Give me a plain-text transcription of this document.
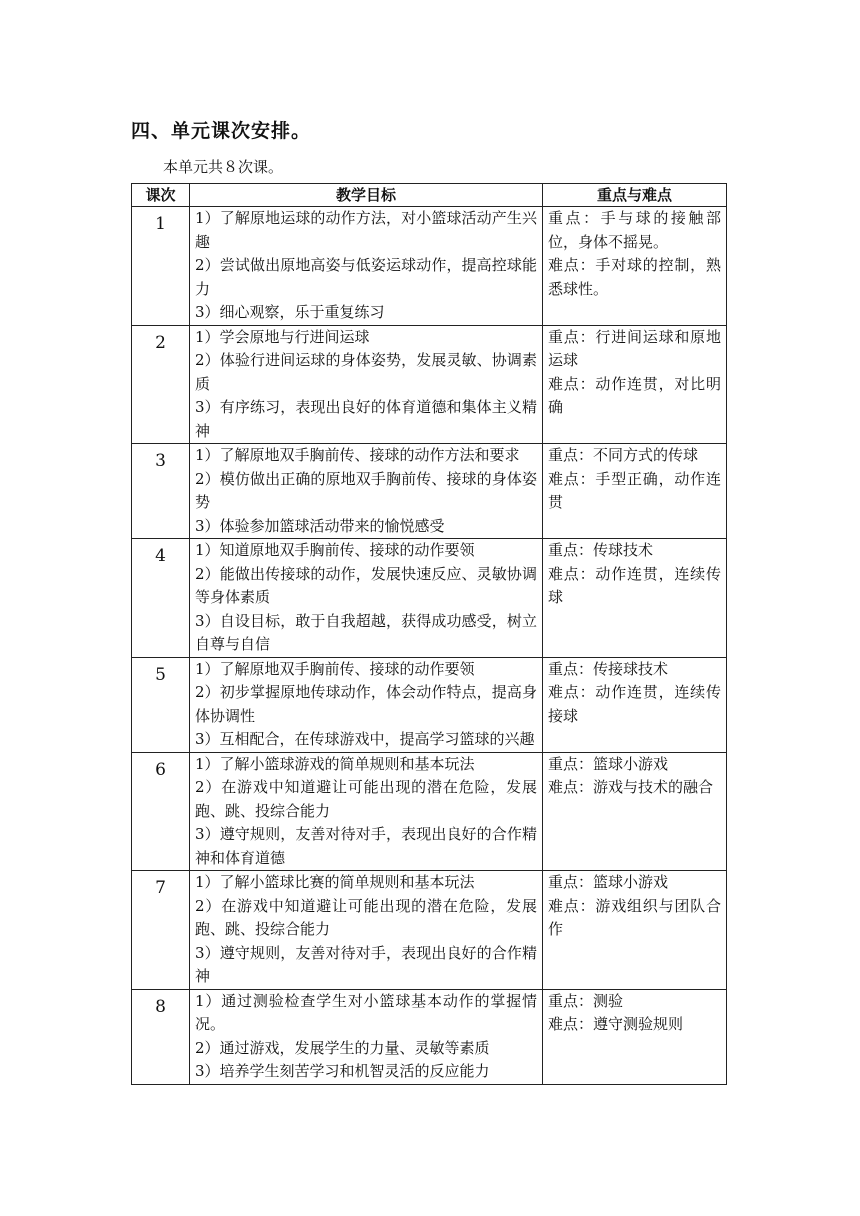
四、单元课次安排。
本单元共８次课。
课次	教学目标	重点与难点
1	1）了解原地运球的动作方法，对小篮球活动产生兴趣
2）尝试做出原地高姿与低姿运球动作，提高控球能力
3）细心观察，乐于重复练习	重点：手与球的接触部位，身体不摇晃。
难点：手对球的控制，熟悉球性。

2	1）学会原地与行进间运球
2）体验行进间运球的身体姿势，发展灵敏、协调素质
3）有序练习，表现出良好的体育道德和集体主义精神	重点：行进间运球和原地运球
难点：动作连贯，对比明确

3	1）了解原地双手胸前传、接球的动作方法和要求
2）模仿做出正确的原地双手胸前传、接球的身体姿势
3）体验参加篮球活动带来的愉悦感受	重点：不同方式的传球
难点：手型正确，动作连贯

4	1）知道原地双手胸前传、接球的动作要领
2）能做出传接球的动作，发展快速反应、灵敏协调等身体素质
3）自设目标，敢于自我超越，获得成功感受，树立自尊与自信	重点：传球技术
难点：动作连贯，连续传球

5	1）了解原地双手胸前传、接球的动作要领
2）初步掌握原地传球动作，体会动作特点，提高身体协调性
3）互相配合，在传球游戏中，提高学习篮球的兴趣	重点：传接球技术
难点：动作连贯，连续传接球

6	1）了解小篮球游戏的简单规则和基本玩法
2）在游戏中知道避让可能出现的潜在危险，发展跑、跳、投综合能力
3）遵守规则，友善对待对手，表现出良好的合作精神和体育道德	重点：篮球小游戏
难点：游戏与技术的融合

7	1）了解小篮球比赛的简单规则和基本玩法
2）在游戏中知道避让可能出现的潜在危险，发展跑、跳、投综合能力
3）遵守规则，友善对待对手，表现出良好的合作精神	重点：篮球小游戏
难点：游戏组织与团队合作

8	1）通过测验检查学生对小篮球基本动作的掌握情况。
2）通过游戏，发展学生的力量、灵敏等素质
3）培养学生刻苦学习和机智灵活的反应能力	重点：测验
难点：遵守测验规则
